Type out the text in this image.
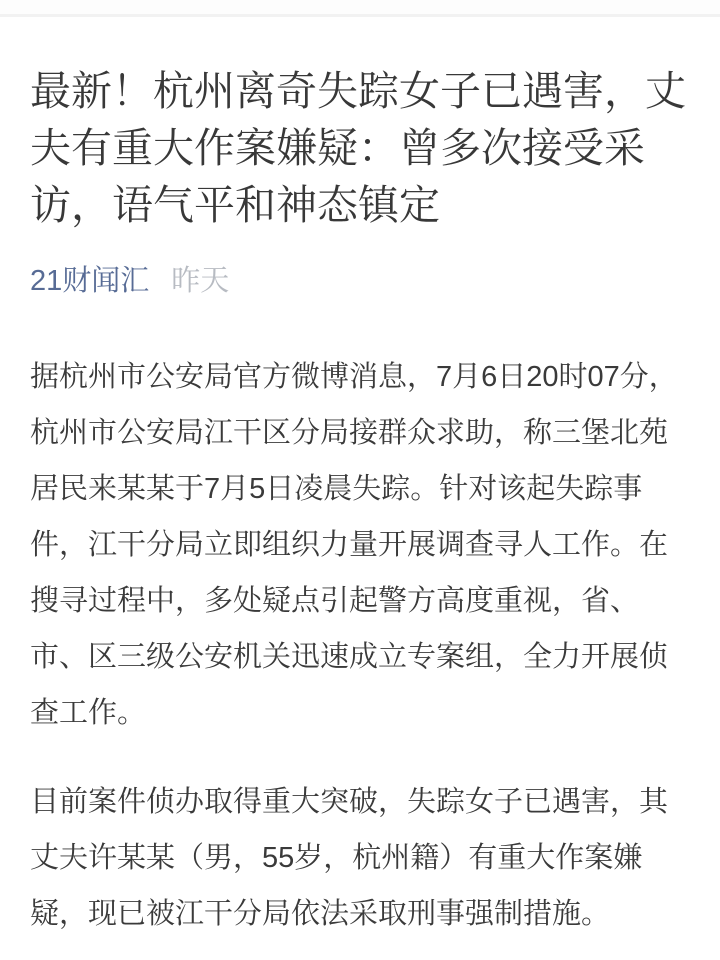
最新！杭州离奇失踪女子已遇害，丈夫有重大作案嫌疑：曾多次接受采访，语气平和神态镇定
21财闻汇 昨天

据杭州市公安局官方微博消息，7月6日20时07分，杭州市公安局江干区分局接群众求助，称三堡北苑居民来某某于7月5日凌晨失踪。针对该起失踪事件，江干分局立即组织力量开展调查寻人工作。在搜寻过程中，多处疑点引起警方高度重视，省、市、区三级公安机关迅速成立专案组，全力开展侦查工作。

目前案件侦办取得重大突破，失踪女子已遇害，其丈夫许某某（男，55岁，杭州籍）有重大作案嫌疑，现已被江干分局依法采取刑事强制措施。
